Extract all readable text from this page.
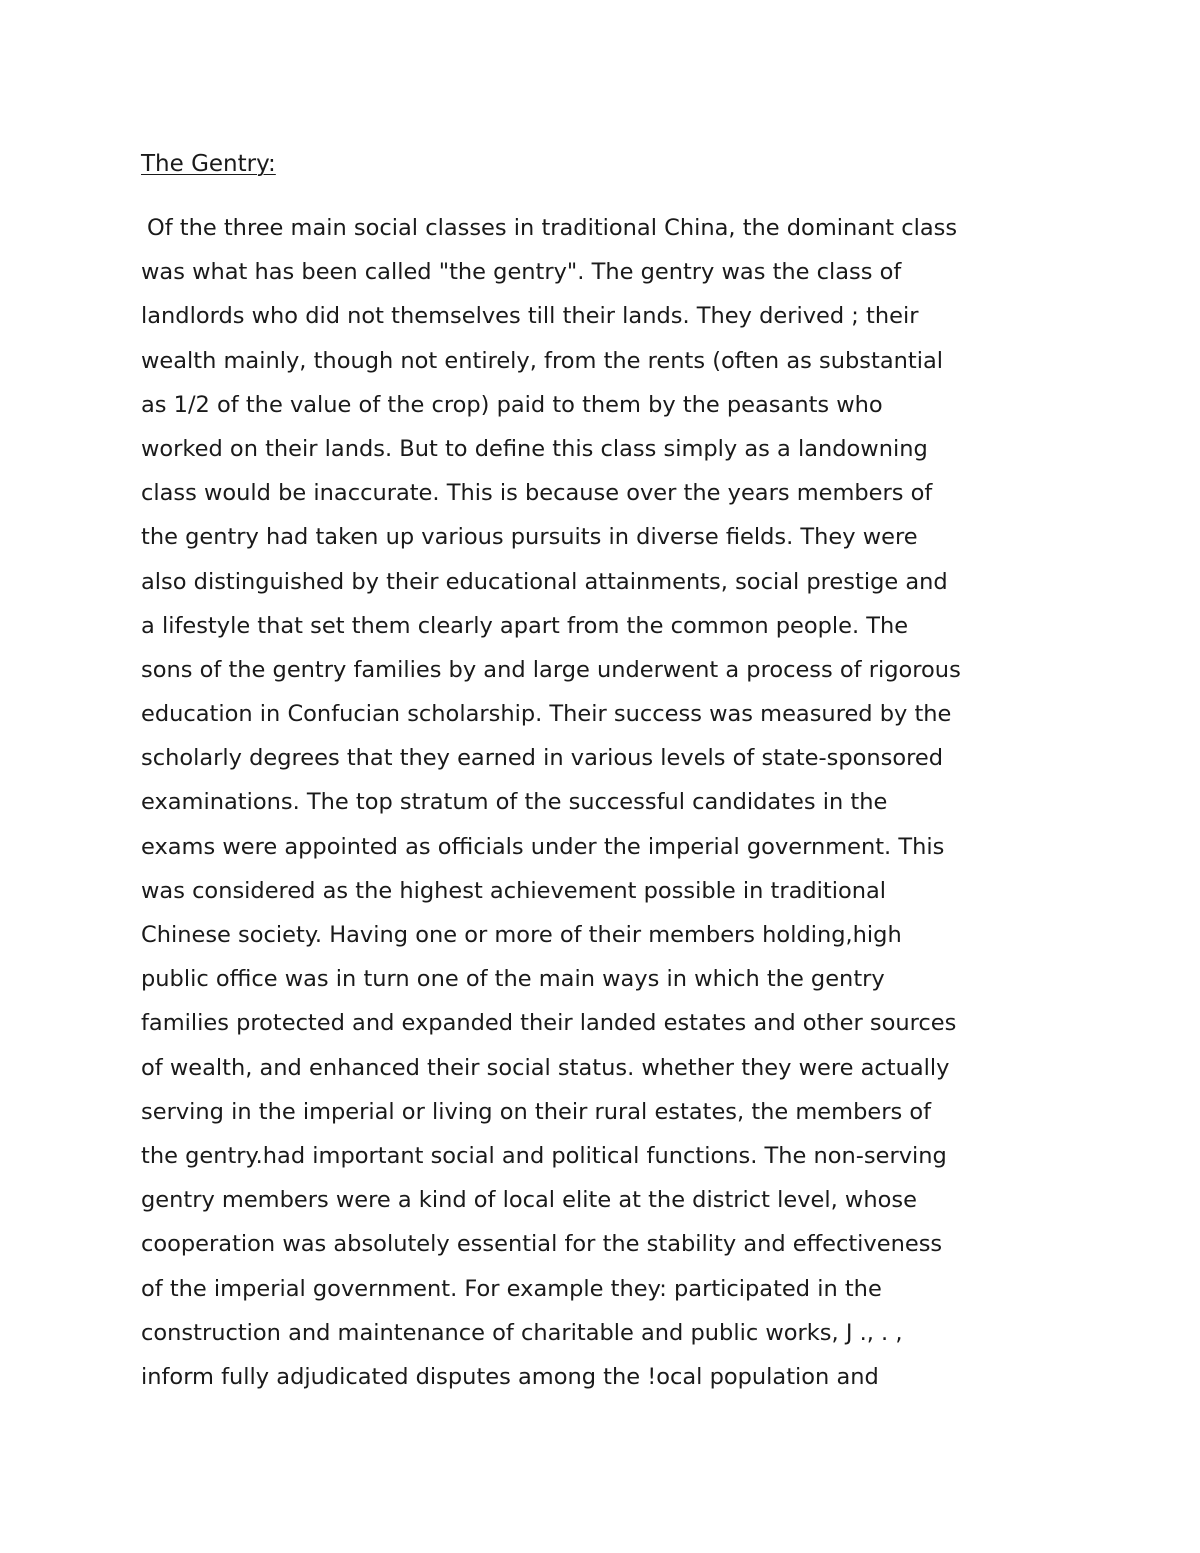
The Gentry:
Of the three main social classes in traditional China, the dominant class
was what has been called "the gentry". The gentry was the class of
landlords who did not themselves till their lands. They derived ; their
wealth mainly, though not entirely, from the rents (often as substantial
as 1/2 of the value of the crop) paid to them by the peasants who
worked on their lands. But to define this class simply as a landowning
class would be inaccurate. This is because over the years members of
the gentry had taken up various pursuits in diverse fields. They were
also distinguished by their educational attainments, social prestige and
a lifestyle that set them clearly apart from the common people. The
sons of the gentry families by and large underwent a process of rigorous
education in Confucian scholarship. Their success was measured by the
scholarly degrees that they earned in various levels of state-sponsored
examinations. The top stratum of the successful candidates in the
exams were appointed as officials under the imperial government. This
was considered as the highest achievement possible in traditional
Chinese society. Having one or more of their members holding,high
public office was in turn one of the main ways in which the gentry
families protected and expanded their landed estates and other sources
of wealth, and enhanced their social status. whether they were actually
serving in the imperial or living on their rural estates, the members of
the gentry.had important social and political functions. The non-serving
gentry members were a kind of local elite at the district level, whose
cooperation was absolutely essential for the stability and effectiveness
of the imperial government. For example they: participated in the
construction and maintenance of charitable and public works, J ., . ,
inform fully adjudicated disputes among the !ocal population and
